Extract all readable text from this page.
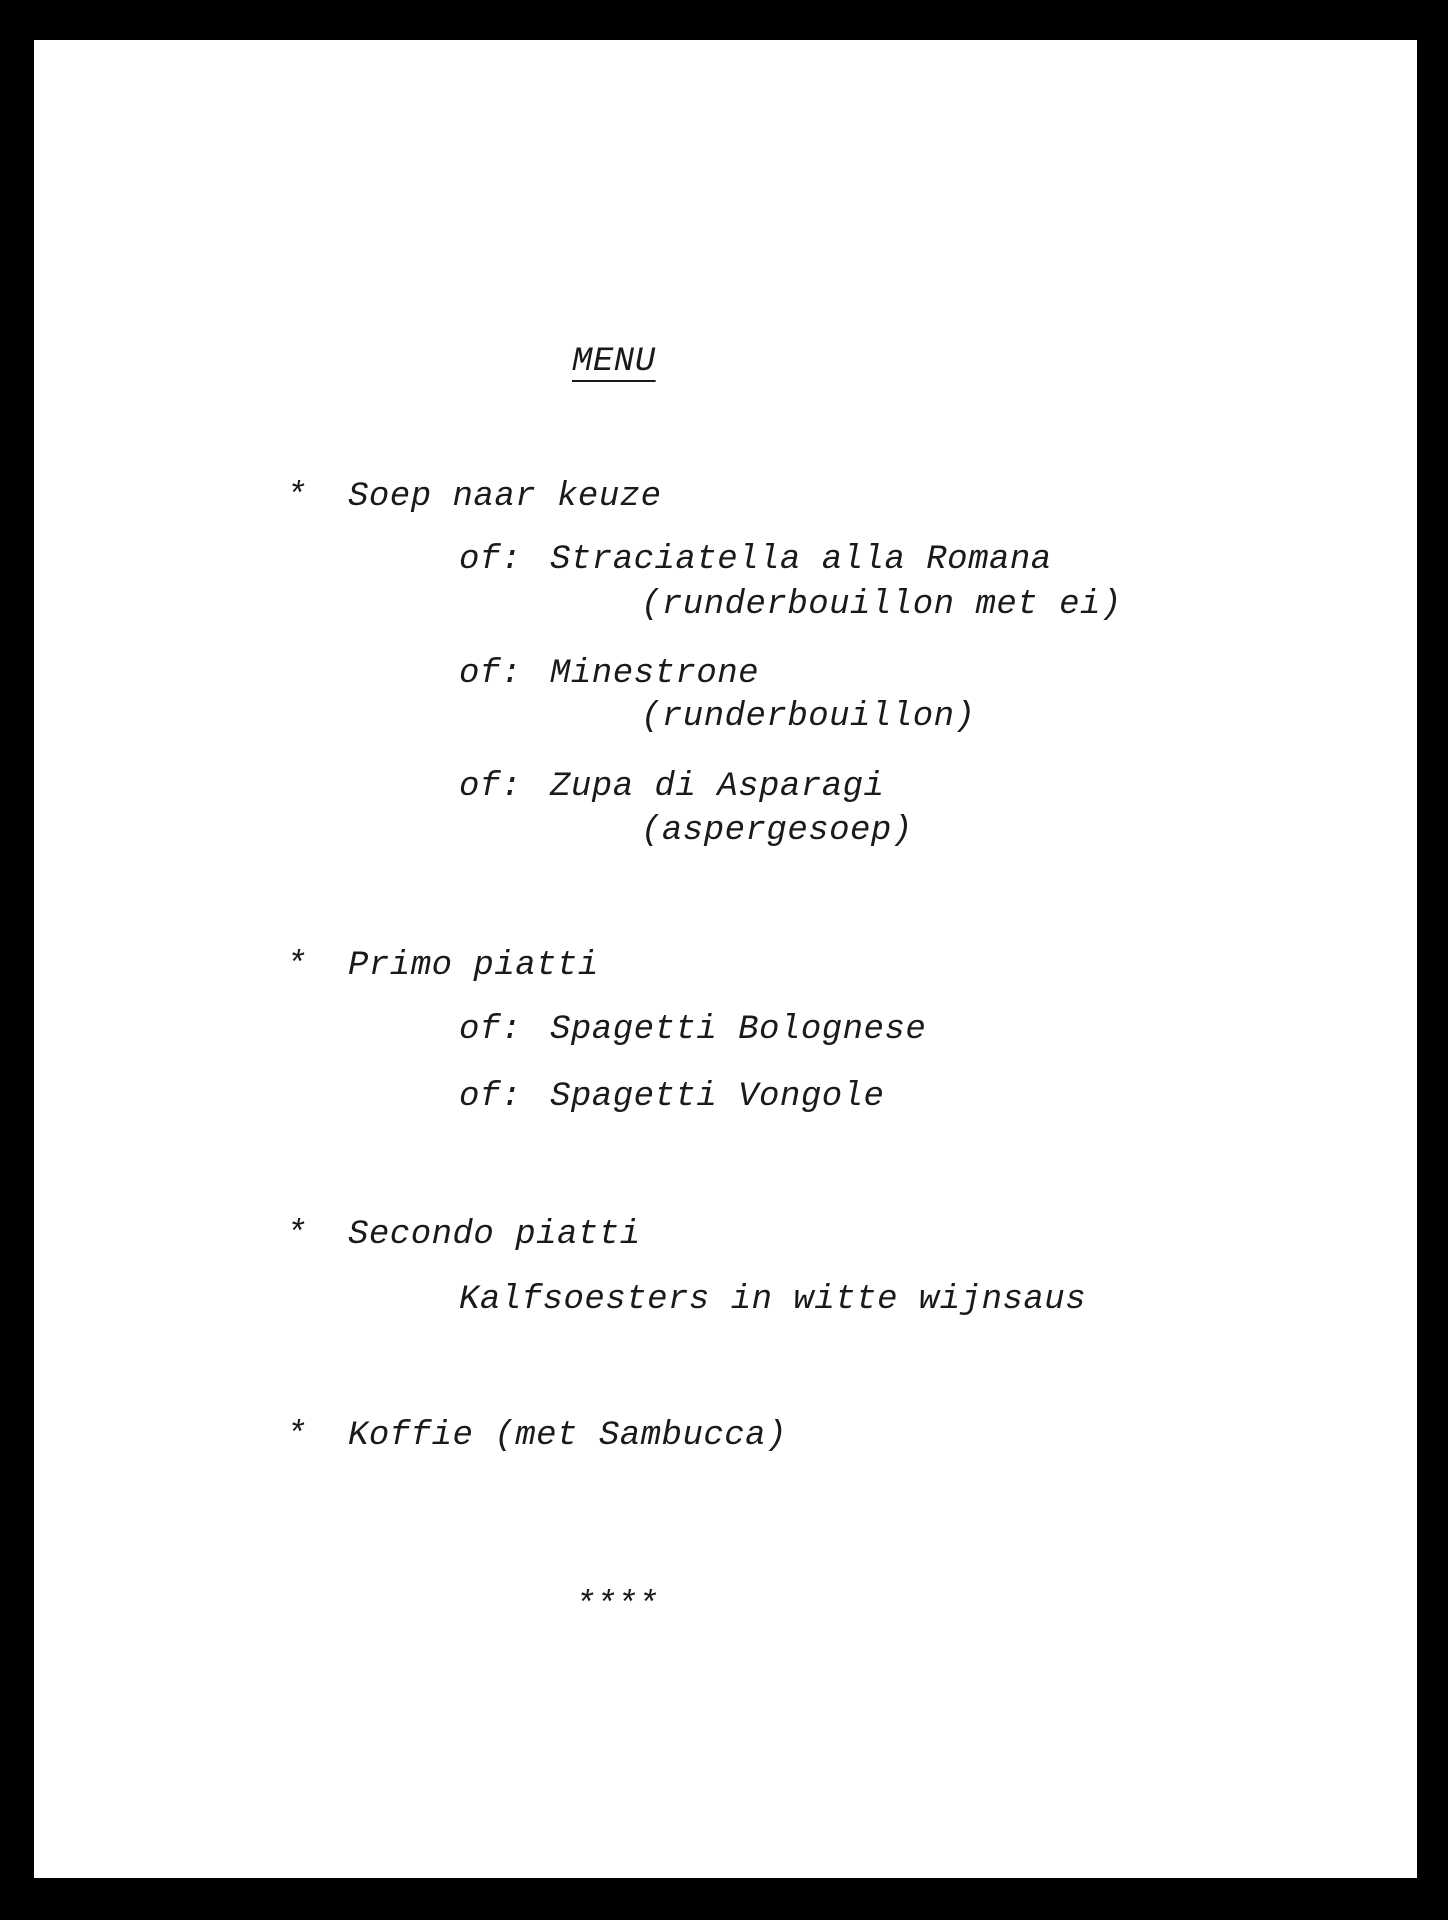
MENU
* Soep naar keuze
of: Straciatella alla Romana
(runderbouillon met ei)
of: Minestrone
(runderbouillon)
of: Zupa di Asparagi
(aspergesoep)
* Primo piatti
of: Spagetti Bolognese
of: Spagetti Vongole
* Secondo piatti
Kalfsoesters in witte wijnsaus
* Koffie (met Sambucca)
****
